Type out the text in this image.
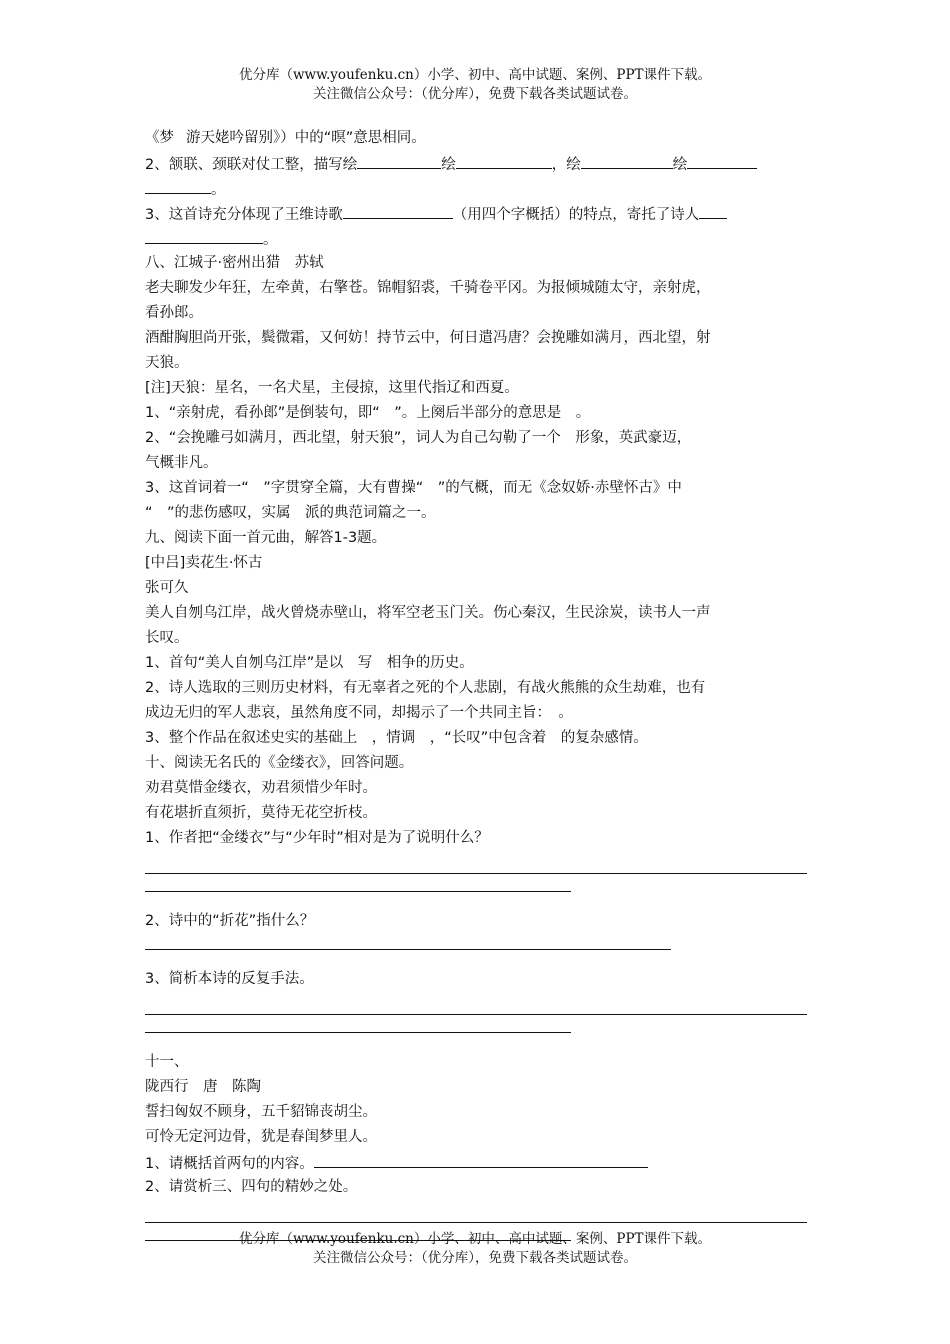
优分库（www.youfenku.cn）小学、初中、高中试题、案例、PPT课件下载。
关注微信公众号：（优分库），免费下载各类试题试卷。
《梦 游天姥吟留别》）中的“暝”意思相同。
2、颔联、颈联对仗工整，描写绘	绘	，绘	绘
。
3、这首诗充分体现了王维诗歌	（用四个字概括）的特点，寄托了诗人
。
八、江城子·密州出猎　苏轼
老夫聊发少年狂，左牵黄，右擎苍。锦帽貂裘，千骑卷平冈。为报倾城随太守，亲射虎，
看孙郎。
酒酣胸胆尚开张，鬓微霜，又何妨！持节云中，何日遣冯唐？会挽雕如满月，西北望，射
天狼。
[注]天狼：星名，一名犬星，主侵掠，这里代指辽和西夏。
1、“亲射虎，看孙郎”是倒装句，即“　”。上阕后半部分的意思是　。
2、“会挽雕弓如满月，西北望，射天狼”，词人为自己勾勒了一个　形象，英武豪迈，
气概非凡。
3、这首词着一“　”字贯穿全篇，大有曹操“　”的气概，而无《念奴娇·赤壁怀古》中
“　”的悲伤感叹，实属　派的典范词篇之一。
九、阅读下面一首元曲，解答1-3题。
[中吕]卖花生·怀古
张可久
美人自刎乌江岸，战火曾烧赤壁山，将军空老玉门关。伤心秦汉，生民涂炭，读书人一声
长叹。
1、首句“美人自刎乌江岸”是以　写　相争的历史。
2、诗人选取的三则历史材料，有无辜者之死的个人悲剧，有战火熊熊的众生劫难，也有
成边无归的军人悲哀，虽然角度不同，却揭示了一个共同主旨：　。
3、整个作品在叙述史实的基础上　，情调　，“长叹”中包含着　的复杂感情。
十、阅读无名氏的《金缕衣》，回答问题。
劝君莫惜金缕衣，劝君须惜少年时。
有花堪折直须折，莫待无花空折枝。
1、作者把“金缕衣”与“少年时”相对是为了说明什么？
2、诗中的“折花”指什么？
3、简析本诗的反复手法。
十一、
陇西行　唐　陈陶
誓扫匈奴不顾身，五千貂锦丧胡尘。
可怜无定河边骨，犹是春闺梦里人。
1、请概括首两句的内容。
2、请赏析三、四句的精妙之处。
优分库（www.youfenku.cn）小学、初中、高中试题、案例、PPT课件下载。
关注微信公众号：（优分库），免费下载各类试题试卷。
